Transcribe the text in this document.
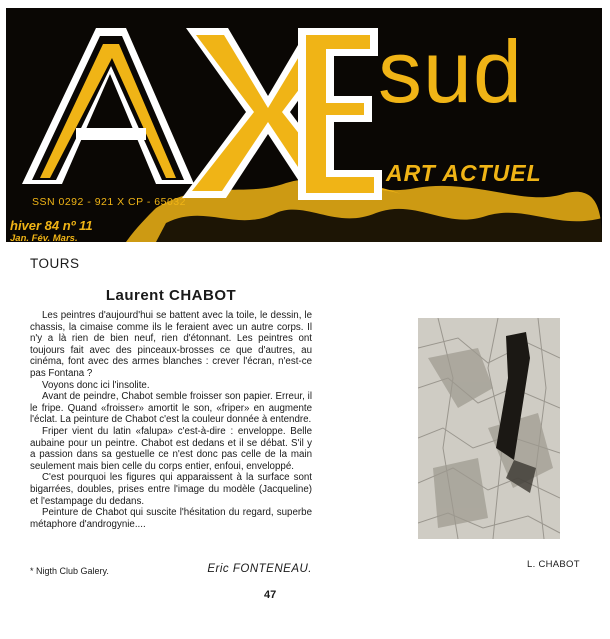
sud
ART ACTUEL
SSN 0292 - 921 X CP - 65032
hiver 84 nº 11
Jan. Fév. Mars.
TOURS
Laurent CHABOT

Les peintres d'aujourd'hui se battent avec la toile, le dessin, le chassis, la cimaise comme ils le feraient avec un autre corps. Il n'y a là rien de bien neuf, rien d'étonnant. Les peintres ont toujours fait avec des pinceaux-brosses ce que d'autres, au cinéma, font avec des armes blanches : crever l'écran, n'est-ce pas Fontana ?

Voyons donc ici l'insolite.

Avant de peindre, Chabot semble froisser son papier. Erreur, il le fripe. Quand «froisser» amortit le son, «friper» en augmente l'éclat. La peinture de Chabot c'est la couleur donnée à entendre.

Friper vient du latin «falupa» c'est-à-dire : enveloppe. Belle aubaine pour un peintre. Chabot est dedans et il se débat. S'il y a passion dans sa gestuelle ce n'est donc pas celle de la main seulement mais bien celle du corps entier, enfoui, enveloppé.

C'est pourquoi les figures qui apparaissent à la surface sont bigarrées, doubles, prises entre l'image du modèle (Jacqueline) et l'estampage du dedans.

Peinture de Chabot qui suscite l'hésitation du regard, superbe métaphore d'androgynie....

* Nigth Club Galery.	Eric FONTENEAU.
47
L. CHABOT
